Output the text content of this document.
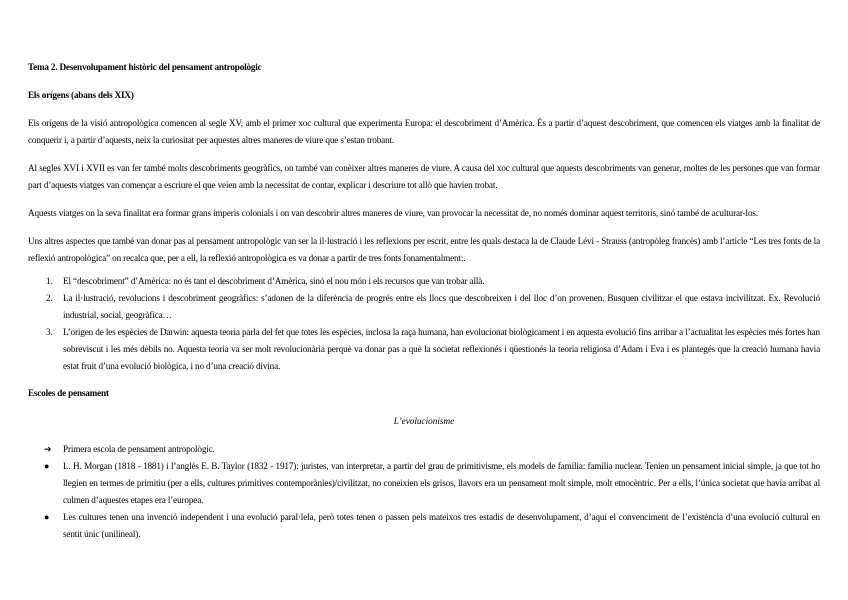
Tema 2. Desenvolupament històric del pensament antropològic

Els orígens (abans dels XIX)

Els orígens de la visió antropològica comencen al segle XV, amb el primer xoc cultural que experimenta Europa: el descobriment d’Amèrica. És a partir d’aquest descobriment, que comencen els viatges amb la finalitat de conquerir i, a partir d’aquests, neix la curiositat per aquestes altres maneres de viure que s’estan trobant.

Al segles XVI i XVII es van fer també molts descobriments geogràfics, on també van conèixer altres maneres de viure. A causa del xoc cultural que aquests descobriments van generar, moltes de les persones que van formar part d’aquests viatges van començar a escriure el que veien amb la necessitat de contar, explicar i descriure tot allò que havien trobat.

Aquests viatges on la seva finalitat era formar grans imperis colonials i on van descobrir altres maneres de viure, van provocar la necessitat de, no només dominar aquest territoris, sinó també de aculturar-los.

Uns altres aspectes que també van donar pas al pensament antropològic van ser la il·lustració i les reflexions per escrit, entre les quals destaca la de Claude Lévi - Strauss (antropòleg francès) amb l’article “Les tres fonts de la reflexió antropològica” on recalca que, per a ell, la reflexió antropològica es va donar a partir de tres fonts fonamentalment:.

1. El “descobriment” d’Amèrica: no és tant el descobriment d’Amèrica, sinó el nou món i els recursos que van trobar allà.
2. La il·lustració, revolucions i descobriment geogràfics: s’adonen de la diferència de progrés entre els llocs que descobreixen i del lloc d’on provenen. Busquen civilitzar el que estava incivilitzat. Ex. Revolució industrial, social, geogràfica…
3. L’origen de les espècies de Darwin: aquesta teoria parla del fet que totes les espècies, inclosa la raça humana, han evolucionat biològicament i en aquesta evolució fins arribar a l’actualitat les espècies més fortes han sobreviscut i les més dèbils no. Aquesta teoria va ser molt revolucionària perquè va donar pas a què la societat reflexionés i qüestionés la teoria religiosa d’Adam i Eva i es plantegés que la creació humana havia estat fruit d’una evolució biològica, i no d’una creació divina.

Escoles de pensament

L’evolucionisme

➔ Primera escola de pensament antropològic.
● L. H. Morgan (1818 - 1881) i l’anglès E. B. Taylor (1832 - 1917): juristes, van interpretar, a partir del grau de primitivisme, els models de família: família nuclear. Tenien un pensament inicial simple, ja que tot ho llegien en termes de primitiu (per a ells, cultures primitives contemporànies)/civilitzat, no coneixien els grisos, llavors era un pensament molt simple, molt etnocèntric. Per a ells, l’única societat que havia arribat al culmen d’aquestes etapes era l’europea.
● Les cultures tenen una invenció independent i una evolució paral·lela, però totes tenen o passen pels mateixos tres estadis de desenvolupament, d’aquí el convenciment de l’existència d’una evolució cultural en sentit únic (unilineal).
